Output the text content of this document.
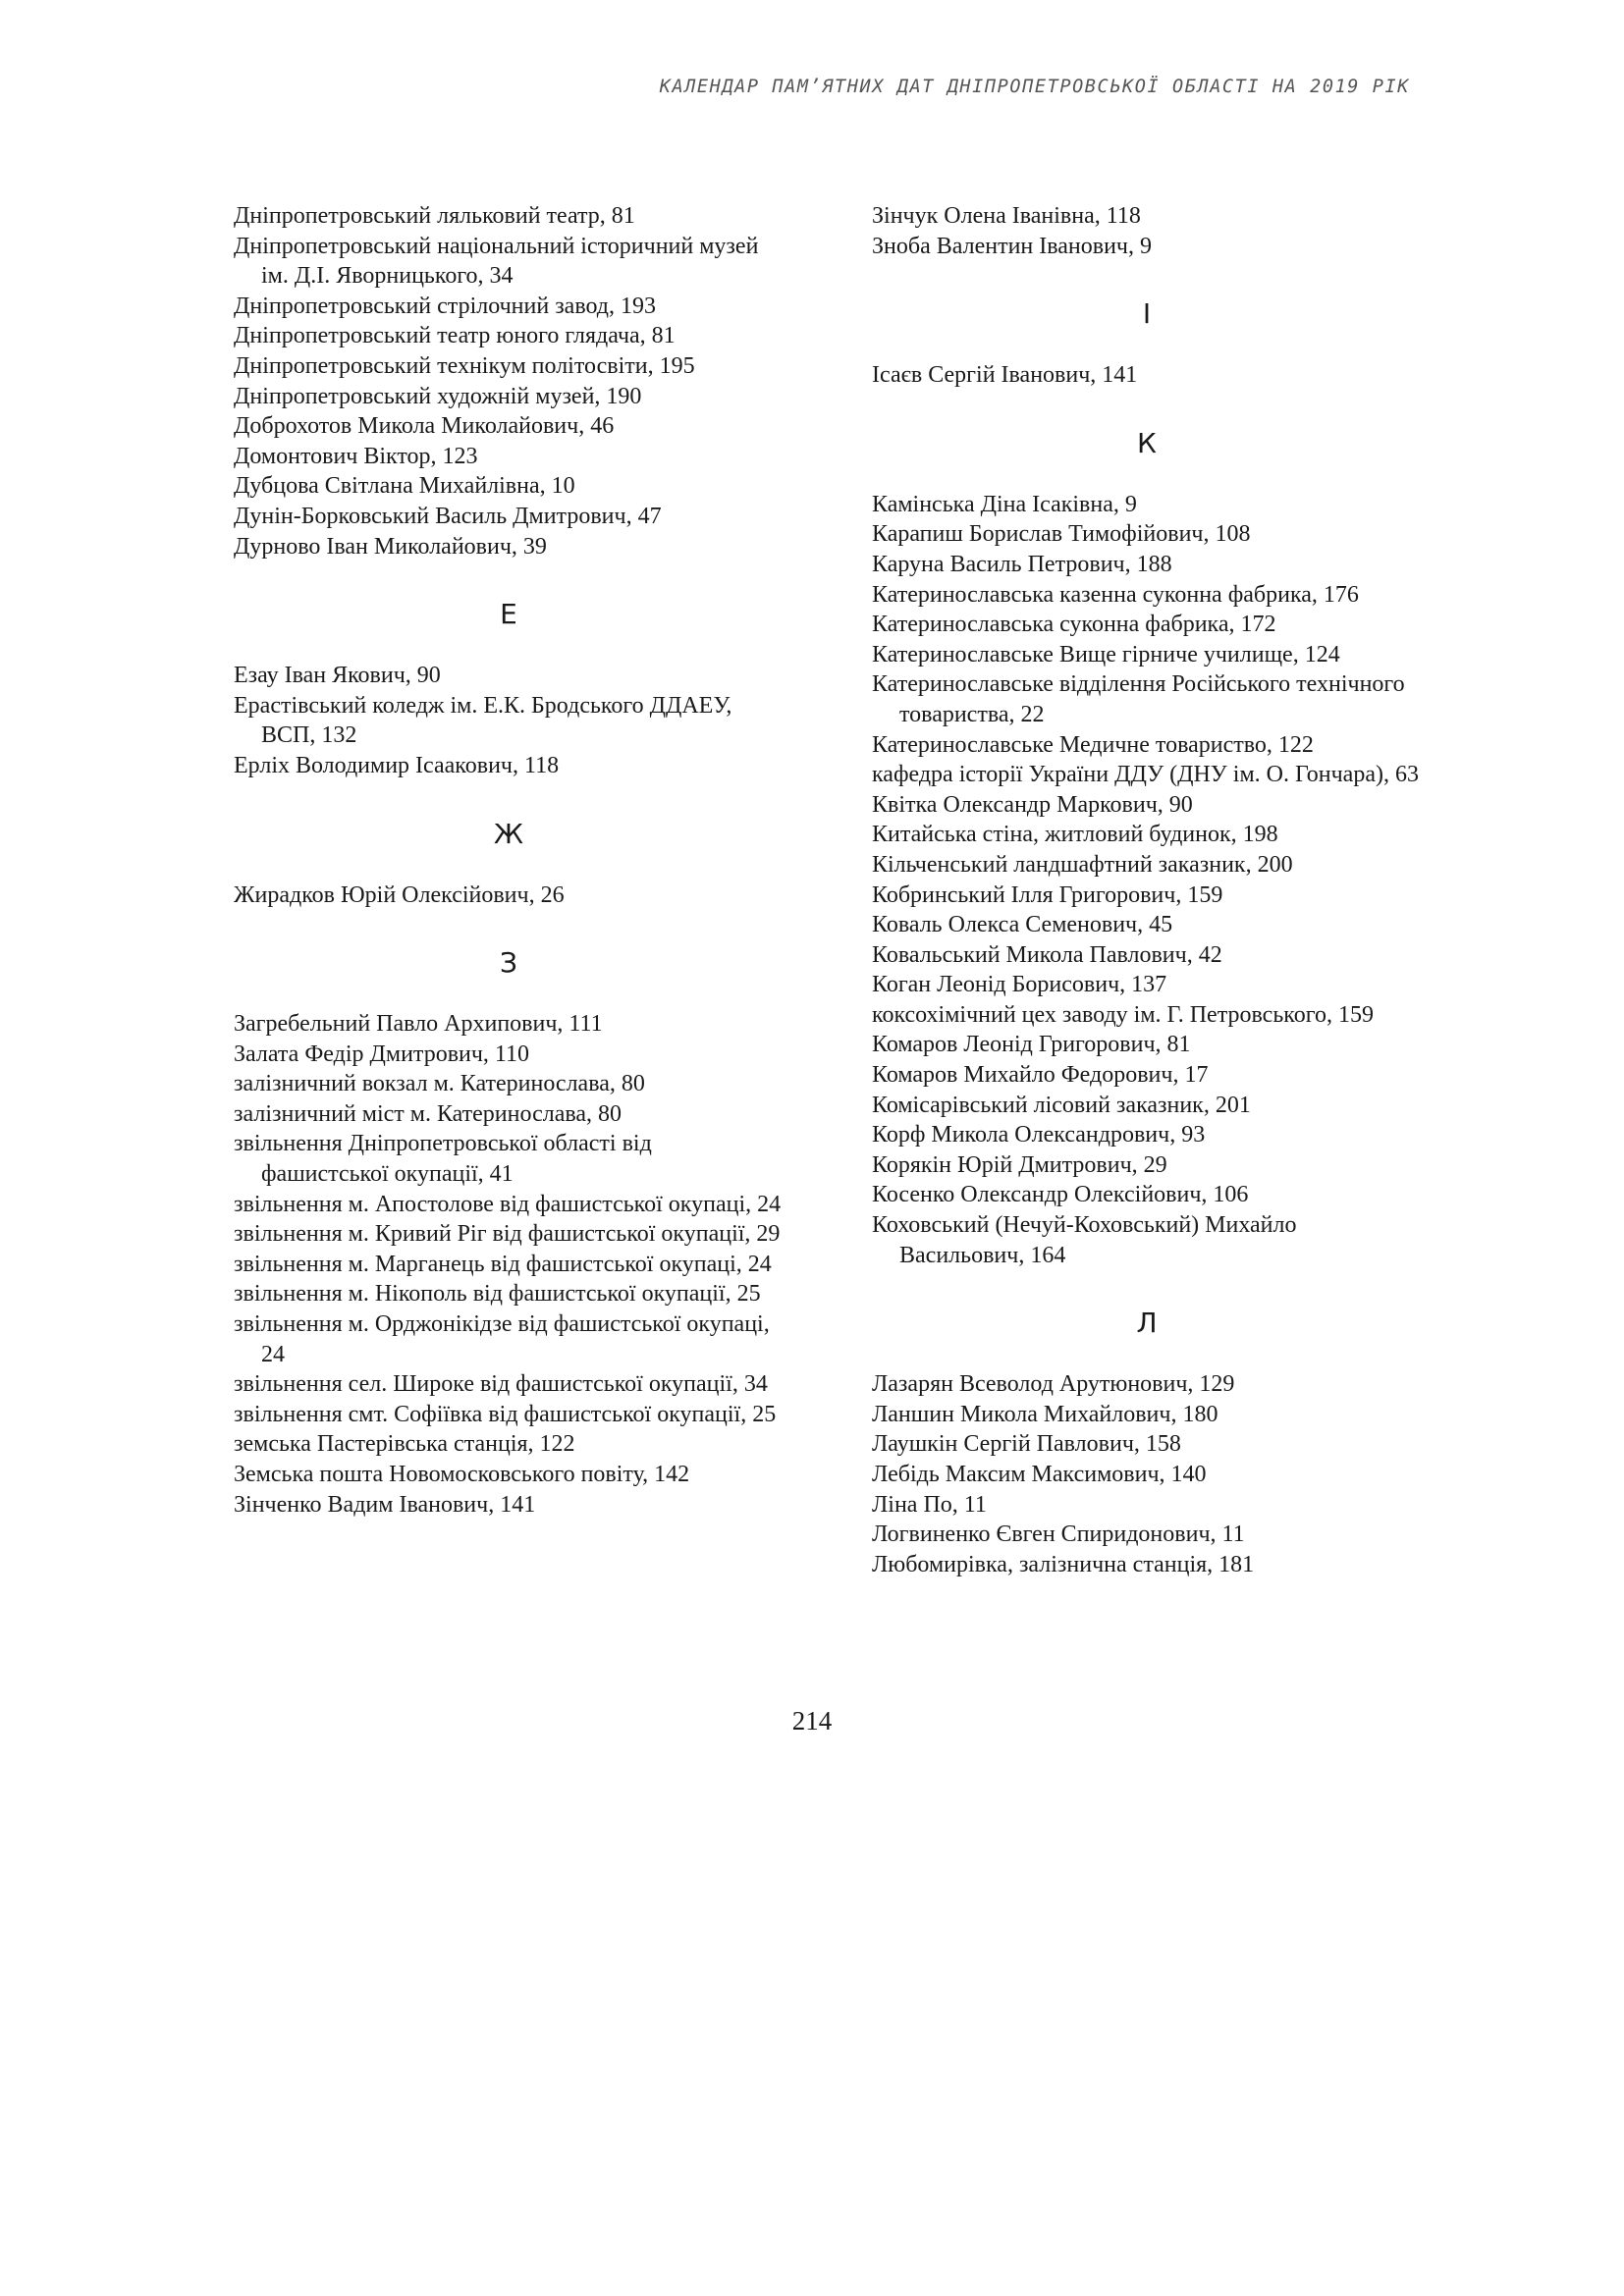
КАЛЕНДАР ПАМ’ЯТНИХ ДАТ ДНІПРОПЕТРОВСЬКОЇ ОБЛАСТІ НА 2019 РІК
Дніпропетровський ляльковий театр, 81
Дніпропетровський національний історичний музей ім. Д.І. Яворницького, 34
Дніпропетровський стрілочний завод, 193
Дніпропетровський театр юного глядача, 81
Дніпропетровський технікум політосвіти, 195
Дніпропетровський художній музей, 190
Доброхотов Микола Миколайович, 46
Домонтович Віктор, 123
Дубцова Світлана Михайлівна, 10
Дунін-Борковський Василь Дмитрович, 47
Дурново Іван Миколайович, 39
Е
Езау Іван Якович, 90
Ерастівський коледж ім. Е.К. Бродського ДДАЕУ, ВСП, 132
Ерліх Володимир Ісаакович, 118
Ж
Жирадков Юрій Олексійович, 26
З
Загребельний Павло Архипович, 111
Залата Федір Дмитрович, 110
залізничний вокзал м. Катеринослава, 80
залізничний міст м. Катеринослава, 80
звільнення Дніпропетровської області від фашистської окупації, 41
звільнення м. Апостолове від фашистської окупаці, 24
звільнення м. Кривий Ріг від фашистської окупації, 29
звільнення м. Марганець від фашистської окупаці, 24
звільнення м. Нікополь від фашистської окупації, 25
звільнення м. Орджонікідзе від фашистської окупаці, 24
звільнення сел. Широке від фашистської окупації, 34
звільнення смт. Софіївка від фашистської окупації, 25
земська Пастерівська станція, 122
Земська пошта Новомосковського повіту, 142
Зінченко Вадим Іванович, 141
Зінчук Олена Іванівна, 118
Зноба Валентин Іванович, 9
І
Ісаєв Сергій Іванович, 141
К
Камінська Діна Ісаківна, 9
Карапиш Борислав Тимофійович, 108
Каруна Василь Петрович, 188
Катеринославська казенна суконна фабрика, 176
Катеринославська суконна фабрика, 172
Катеринославське Вище гірниче училище, 124
Катеринославське відділення Російського технічного товариства, 22
Катеринославське Медичне товариство, 122
кафедра історії України ДДУ (ДНУ ім. О. Гончара), 63
Квітка Олександр Маркович, 90
Китайська стіна, житловий будинок, 198
Кільченський ландшафтний заказник, 200
Кобринський Ілля Григорович, 159
Коваль Олекса Семенович, 45
Ковальський Микола Павлович, 42
Коган Леонід Борисович, 137
коксохімічний цех заводу ім. Г. Петровського, 159
Комаров Леонід Григорович, 81
Комаров Михайло Федорович, 17
Комісарівський лісовий заказник, 201
Корф Микола Олександрович, 93
Корякін Юрій Дмитрович, 29
Косенко Олександр Олексійович, 106
Коховський (Нечуй-Коховський) Михайло Васильович, 164
Л
Лазарян Всеволод Арутюнович, 129
Ланшин Микола Михайлович, 180
Лаушкін Сергій Павлович, 158
Лебідь Максим Максимович, 140
Ліна По, 11
Логвиненко Євген Спиридонович, 11
Любомирівка, залізнична станція, 181
214
